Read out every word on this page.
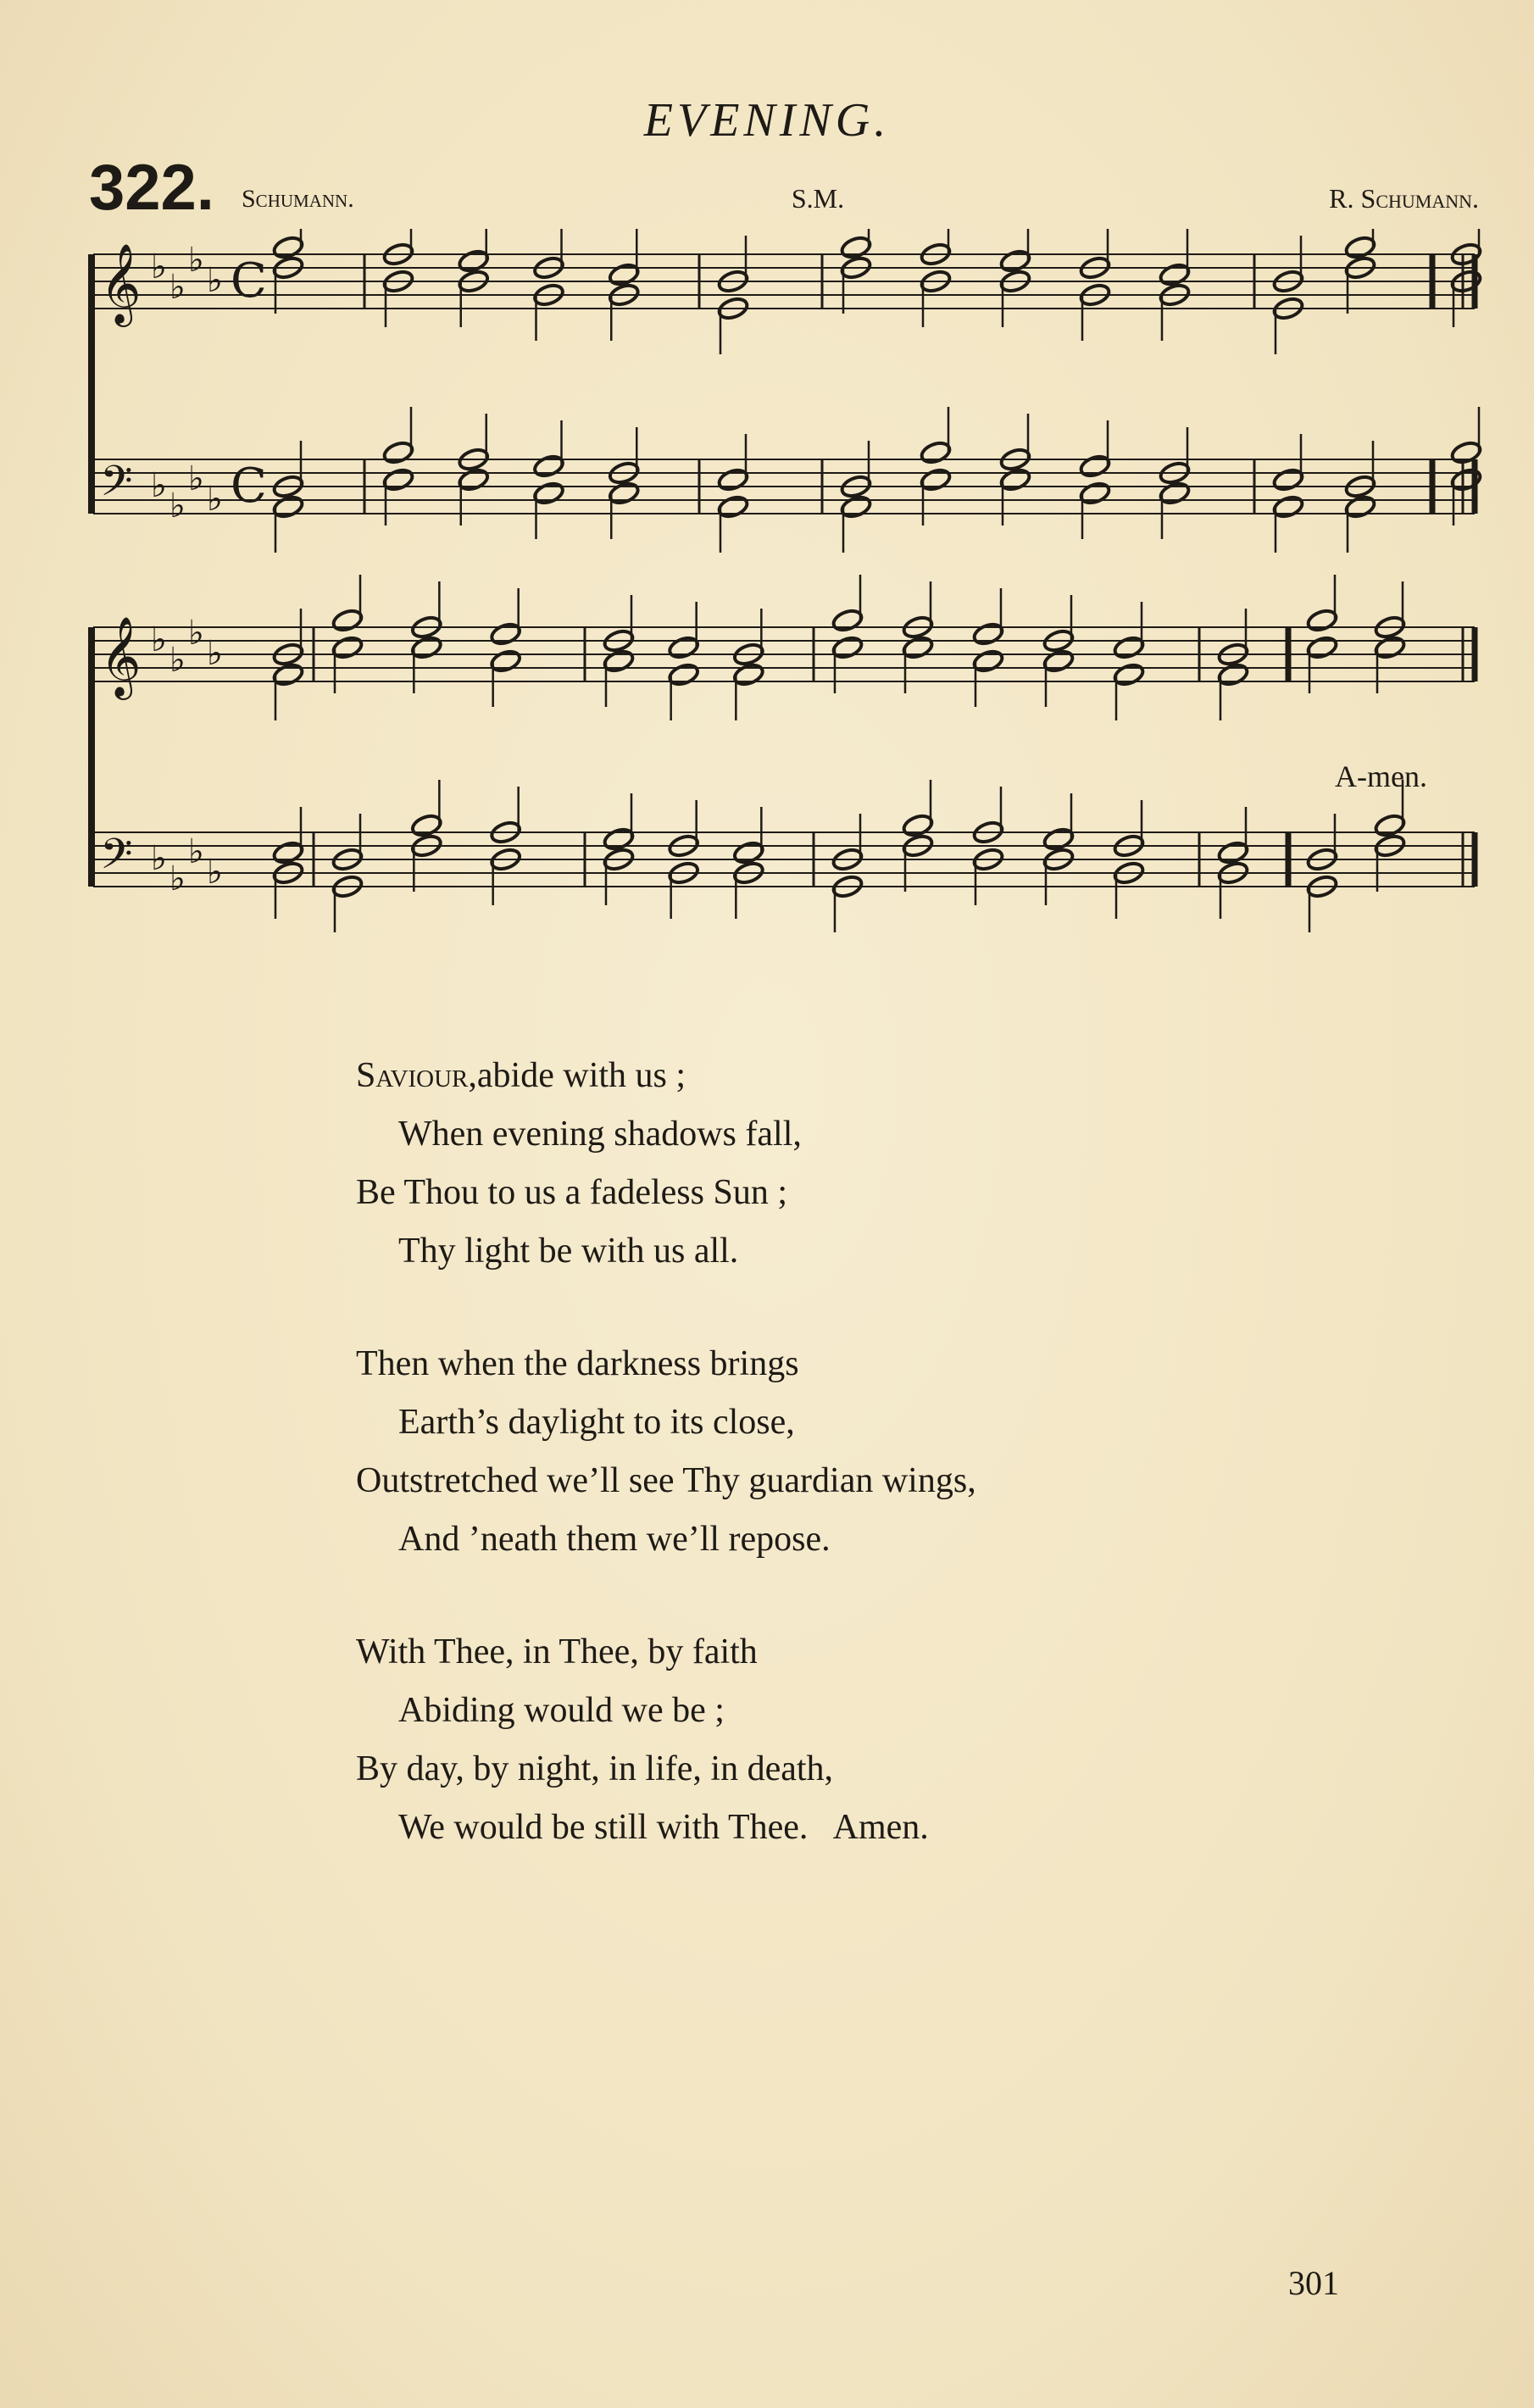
EVENING.
322. Schumann.	S.M.	R. Schumann.
𝄞 ♭
♭
♭
♭ C
𝄢 ♭
♭
♭
♭ C
𝄞 ♭
♭
♭
♭
𝄢 ♭
♭
♭
♭
A-men.
Saviour,abide with us ;
When evening shadows fall,
Be Thou to us a fadeless Sun ;
Thy light be with us all.
Then when the darkness brings
Earth’s daylight to its close,
Outstretched we’ll see Thy guardian wings,
And ’neath them we’ll repose.
With Thee, in Thee, by faith
Abiding would we be ;
By day, by night, in life, in death,
We would be still with Thee.   Amen.
301
